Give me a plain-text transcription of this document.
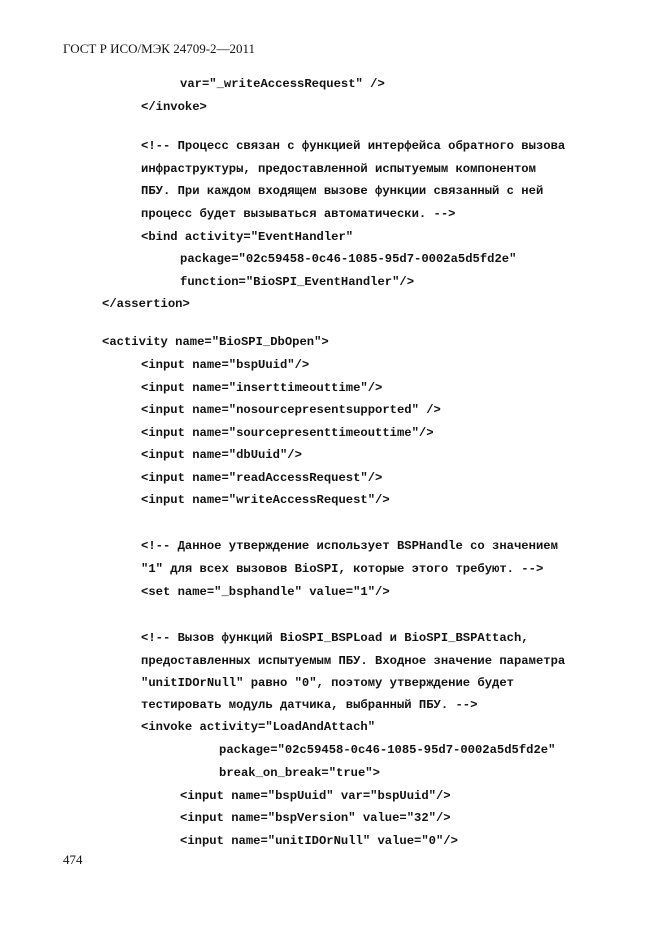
ГОСТ Р ИСО/МЭК 24709-2—2011

var="_writeAccessRequest" />

</invoke>

<!-- Процесс связан с функцией интерфейса обратного вызова

инфраструктуры, предоставленной испытуемым компонентом

ПБУ. При каждом входящем вызове функции связанный с ней

процесс будет вызываться автоматически. -->

<bind activity="EventHandler"

package="02c59458-0c46-1085-95d7-0002a5d5fd2e"

function="BioSPI_EventHandler"/>

</assertion>

<activity name="BioSPI_DbOpen">

<input name="bspUuid"/>

<input name="inserttimeouttime"/>

<input name="nosourcepresentsupported" />

<input name="sourcepresenttimeouttime"/>

<input name="dbUuid"/>

<input name="readAccessRequest"/>

<input name="writeAccessRequest"/>

<!-- Данное утверждение использует BSPHandle со значением

"1" для всех вызовов BioSPI, которые этого требуют. -->

<set name="_bsphandle" value="1"/>

<!-- Вызов функций BioSPI_BSPLoad и BioSPI_BSPAttach,

предоставленных испытуемым ПБУ. Входное значение параметра

"unitIDOrNull" равно "0", поэтому утверждение будет

тестировать модуль датчика, выбранный ПБУ. -->

<invoke activity="LoadAndAttach"

package="02c59458-0c46-1085-95d7-0002a5d5fd2e"

break_on_break="true">

<input name="bspUuid" var="bspUuid"/>

<input name="bspVersion" value="32"/>

<input name="unitIDOrNull" value="0"/>

474
